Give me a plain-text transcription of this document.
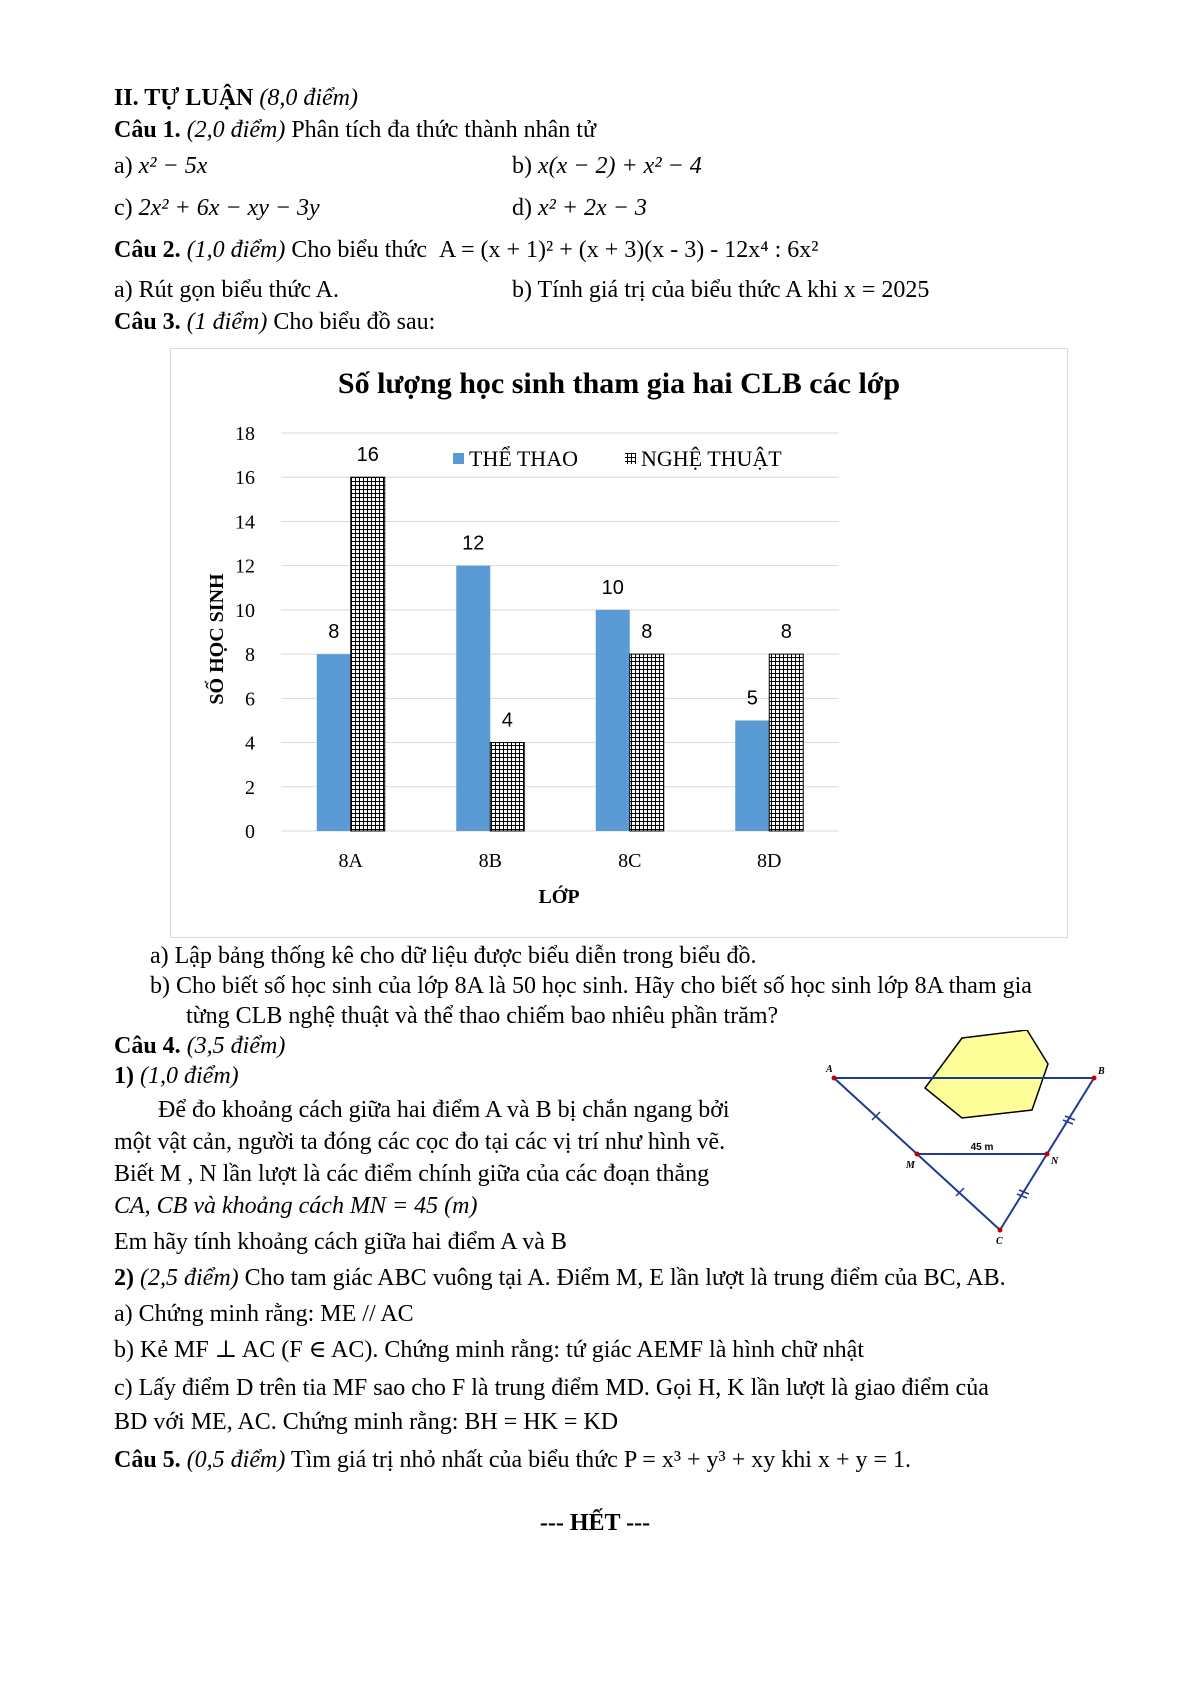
II. TỰ LUẬN (8,0 điểm)
Câu 1. (2,0 điểm) Phân tích đa thức thành nhân tử
a) x² − 5x	b) x(x − 2) + x² − 4
c) 2x² + 6x − xy − 3y	d) x² + 2x − 3
Câu 2. (1,0 điểm) Cho biểu thức A = (x + 1)² + (x + 3)(x - 3) - 12x⁴ : 6x²
a) Rút gọn biểu thức A.	b) Tính giá trị của biểu thức A khi x = 2025
Câu 3. (1 điểm) Cho biểu đồ sau:
Số lượng học sinh tham gia hai CLB các lớp
SỐ HỌC SINH
LỚP
0
2
4
6
8
10
12
14
16
18
8
16
8A
12
4
8B
10
8
8C
5
8
8D
THỂ THAO	NGHỆ THUẬT
a) Lập bảng thống kê cho dữ liệu được biểu diễn trong biểu đồ.
b) Cho biết số học sinh của lớp 8A là 50 học sinh. Hãy cho biết số học sinh lớp 8A tham gia
từng CLB nghệ thuật và thể thao chiếm bao nhiêu phần trăm?
Câu 4. (3,5 điểm)
1) (1,0 điểm)
Để đo khoảng cách giữa hai điểm A và B bị chắn ngang bởi
một vật cản, người ta đóng các cọc đo tại các vị trí như hình vẽ.
Biết M , N lần lượt là các điểm chính giữa của các đoạn thẳng
CA, CB và khoảng cách MN = 45 (m)
Em hãy tính khoảng cách giữa hai điểm A và B
A	B
M	N
C
45 m
2) (2,5 điểm) Cho tam giác ABC vuông tại A. Điểm M, E lần lượt là trung điểm của BC, AB.
a) Chứng minh rằng: ME // AC
b) Kẻ MF ⊥ AC (F ∈ AC). Chứng minh rằng: tứ giác AEMF là hình chữ nhật
c) Lấy điểm D trên tia MF sao cho F là trung điểm MD. Gọi H, K lần lượt là giao điểm của
BD với ME, AC. Chứng minh rằng: BH = HK = KD
Câu 5. (0,5 điểm) Tìm giá trị nhỏ nhất của biểu thức P = x³ + y³ + xy khi x + y = 1.
--- HẾT ---
